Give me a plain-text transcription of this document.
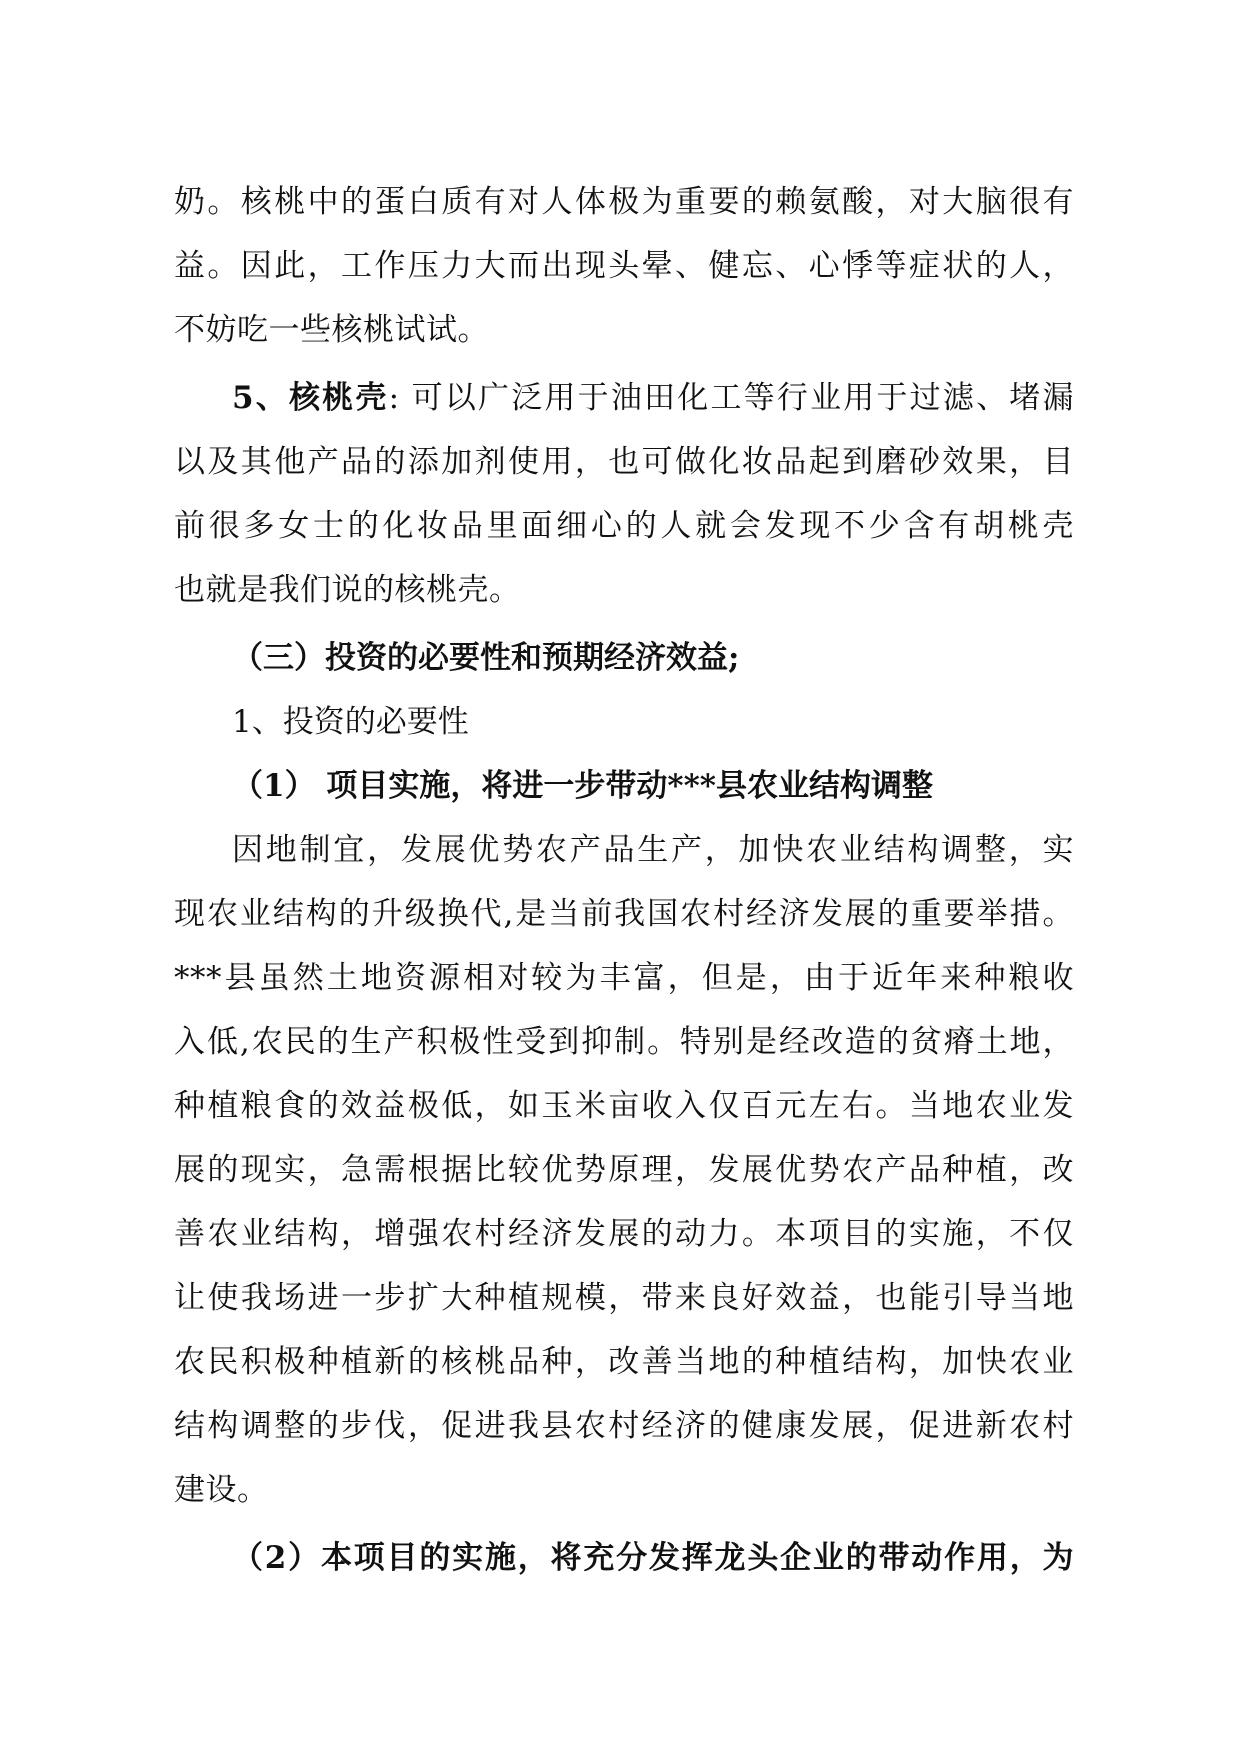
奶。核桃中的蛋白质有对人体极为重要的赖氨酸，对大脑很有
益。因此，工作压力大而出现头晕、健忘、心悸等症状的人，
不妨吃一些核桃试试。
5、核桃壳: 可以广泛用于油田化工等行业用于过滤、堵漏
以及其他产品的添加剂使用，也可做化妆品起到磨砂效果，目
前很多女士的化妆品里面细心的人就会发现不少含有胡桃壳
也就是我们说的核桃壳。
（三）投资的必要性和预期经济效益;
1、投资的必要性
（1） 项目实施，将进一步带动***县农业结构调整
因地制宜，发展优势农产品生产，加快农业结构调整，实
现农业结构的升级换代,是当前我国农村经济发展的重要举措。
***县虽然土地资源相对较为丰富，但是，由于近年来种粮收
入低,农民的生产积极性受到抑制。特别是经改造的贫瘠土地，
种植粮食的效益极低，如玉米亩收入仅百元左右。当地农业发
展的现实，急需根据比较优势原理，发展优势农产品种植，改
善农业结构，增强农村经济发展的动力。本项目的实施，不仅
让使我场进一步扩大种植规模，带来良好效益，也能引导当地
农民积极种植新的核桃品种，改善当地的种植结构，加快农业
结构调整的步伐，促进我县农村经济的健康发展，促进新农村
建设。
（2）本项目的实施，将充分发挥龙头企业的带动作用，为
